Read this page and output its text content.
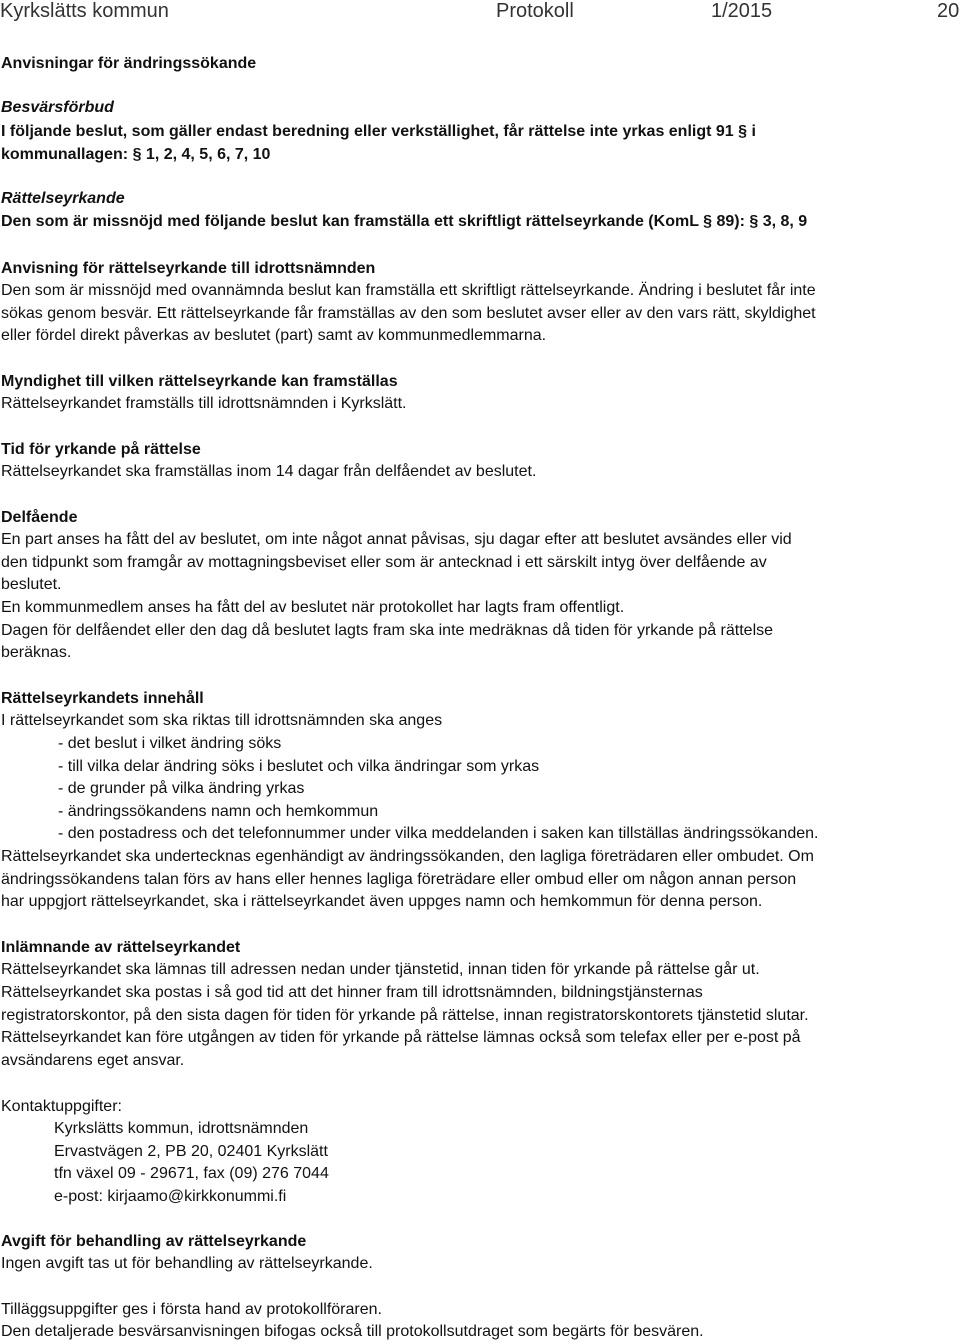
Kyrkslätts kommun	Protokoll	1/2015	20
Anvisningar för ändringssökande
Besvärsförbud
I följande beslut, som gäller endast beredning eller verkställighet, får rättelse inte yrkas enligt 91 § i
kommunallagen: § 1, 2, 4, 5, 6, 7, 10
Rättelseyrkande
Den som är missnöjd med följande beslut kan framställa ett skriftligt rättelseyrkande (KomL § 89): § 3, 8, 9
Anvisning för rättelseyrkande till idrottsnämnden
Den som är missnöjd med ovannämnda beslut kan framställa ett skriftligt rättelseyrkande. Ändring i beslutet får inte
sökas genom besvär. Ett rättelseyrkande får framställas av den som beslutet avser eller av den vars rätt, skyldighet
eller fördel direkt påverkas av beslutet (part) samt av kommunmedlemmarna.
Myndighet till vilken rättelseyrkande kan framställas
Rättelseyrkandet framställs till idrottsnämnden i Kyrkslätt.
Tid för yrkande på rättelse
Rättelseyrkandet ska framställas inom 14 dagar från delfåendet av beslutet.
Delfående
En part anses ha fått del av beslutet, om inte något annat påvisas, sju dagar efter att beslutet avsändes eller vid
den tidpunkt som framgår av mottagningsbeviset eller som är antecknad i ett särskilt intyg över delfående av
beslutet.
En kommunmedlem anses ha fått del av beslutet när protokollet har lagts fram offentligt.
Dagen för delfåendet eller den dag då beslutet lagts fram ska inte medräknas då tiden för yrkande på rättelse
beräknas.
Rättelseyrkandets innehåll
I rättelseyrkandet som ska riktas till idrottsnämnden ska anges
- det beslut i vilket ändring söks
- till vilka delar ändring söks i beslutet och vilka ändringar som yrkas
- de grunder på vilka ändring yrkas
- ändringssökandens namn och hemkommun
- den postadress och det telefonnummer under vilka meddelanden i saken kan tillställas ändringssökanden.
Rättelseyrkandet ska undertecknas egenhändigt av ändringssökanden, den lagliga företrädaren eller ombudet. Om
ändringssökandens talan förs av hans eller hennes lagliga företrädare eller ombud eller om någon annan person
har uppgjort rättelseyrkandet, ska i rättelseyrkandet även uppges namn och hemkommun för denna person.
Inlämnande av rättelseyrkandet
Rättelseyrkandet ska lämnas till adressen nedan under tjänstetid, innan tiden för yrkande på rättelse går ut.
Rättelseyrkandet ska postas i så god tid att det hinner fram till idrottsnämnden, bildningstjänsternas
registratorskontor, på den sista dagen för tiden för yrkande på rättelse, innan registratorskontorets tjänstetid slutar.
Rättelseyrkandet kan före utgången av tiden för yrkande på rättelse lämnas också som telefax eller per e-post på
avsändarens eget ansvar.
Kontaktuppgifter:
Kyrkslätts kommun, idrottsnämnden
Ervastvägen 2, PB 20, 02401 Kyrkslätt
tfn växel 09 - 29671, fax (09) 276 7044
e-post: kirjaamo@kirkkonummi.fi
Avgift för behandling av rättelseyrkande
Ingen avgift tas ut för behandling av rättelseyrkande.
Tilläggsuppgifter ges i första hand av protokollföraren.
Den detaljerade besvärsanvisningen bifogas också till protokollsutdraget som begärts för besvären.
